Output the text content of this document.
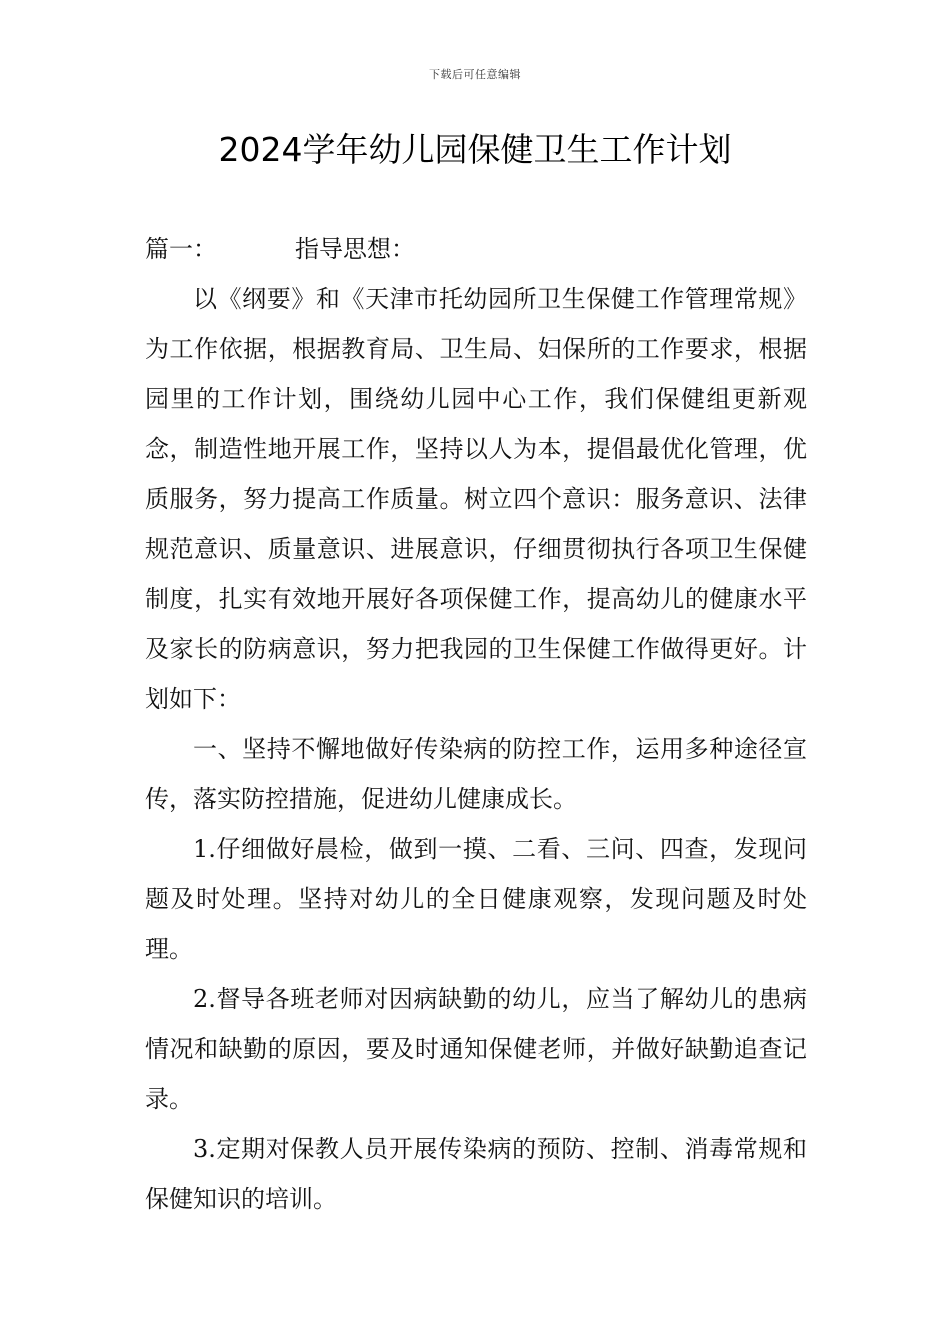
下载后可任意编辑
2024学年幼儿园保健卫生工作计划

篇一：	指导思想：

以《纲要》和《天津市托幼园所卫生保健工作管理常规》为工作依据，根据教育局、卫生局、妇保所的工作要求，根据园里的工作计划，围绕幼儿园中心工作，我们保健组更新观念，制造性地开展工作，坚持以人为本，提倡最优化管理，优质服务，努力提高工作质量。树立四个意识：服务意识、法律规范意识、质量意识、进展意识，仔细贯彻执行各项卫生保健制度，扎实有效地开展好各项保健工作，提高幼儿的健康水平及家长的防病意识，努力把我园的卫生保健工作做得更好。计划如下：

一、坚持不懈地做好传染病的防控工作，运用多种途径宣传，落实防控措施，促进幼儿健康成长。

1.仔细做好晨检，做到一摸、二看、三问、四查，发现问题及时处理。坚持对幼儿的全日健康观察，发现问题及时处理。

2.督导各班老师对因病缺勤的幼儿，应当了解幼儿的患病情况和缺勤的原因，要及时通知保健老师，并做好缺勤追查记录。

3.定期对保教人员开展传染病的预防、控制、消毒常规和保健知识的培训。
